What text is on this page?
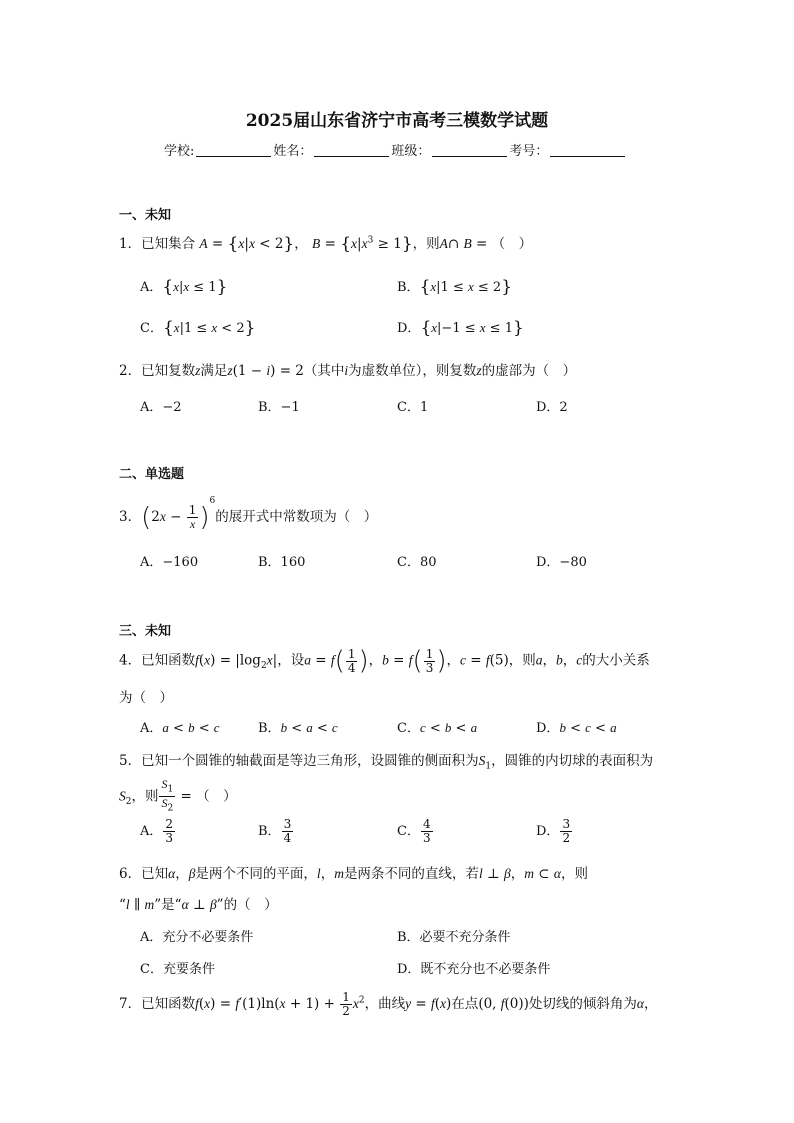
2025届山东省济宁市高考三模数学试题
学校:	姓名：	班级：	考号：
一、未知
1．已知集合 A = {x|x < 2}， $B = \{x|x^3 \ge 1\}$，则A∩ B = （　）
A．{x|x ≤ 1}	B．{x|1 ≤ x ≤ 2}
C．{x|1 ≤ x < 2}	D．{x|−1 ≤ x ≤ 1}
2．已知复数z满足z(1 − i) = 2（其中i为虚数单位），则复数z的虚部为（　）
A．−2	B．−1	C．1	D．2
二、单选题
3．$(2x - \frac{1}{x} )^6$的展开式中常数项为（　）
A．−160	B．160	C．80	D．−80
三、未知
4．已知函数$f(x) = |\log_2x|$，设$a = f( \frac{1}{4}$ )，$b = f( \frac{1}{3}$ )，c = f(5)，则a，b，c的大小关系
为（　）
A．a < b < c	B．b < a < c	C．c < b < a	D．b < c < a
5．已知一个圆锥的轴截面是等边三角形，设圆锥的侧面积为$S_1$，圆锥的内切球的表面积为
$S_2$，则 $\frac{S_1}{S_2}$ = （　）
A． $\frac{2}{3}$	B． $\frac{3}{4}$	C． $\frac{4}{3}$	D． $\frac{3}{2}$
6．已知α，β是两个不同的平面，l，m是两条不同的直线，若l ⊥ β，m ⊂ α，则
“l ∥ m”是“α ⊥ β”的（　）
A．充分不必要条件	B．必要不充分条件
C．充要条件	D．既不充分也不必要条件
7．已知函数$f(x) = f'(1)\ln(x + 1) + \frac{1}{2} x^2$，曲线y = f(x)在点(0, f(0))处切线的倾斜角为α，
